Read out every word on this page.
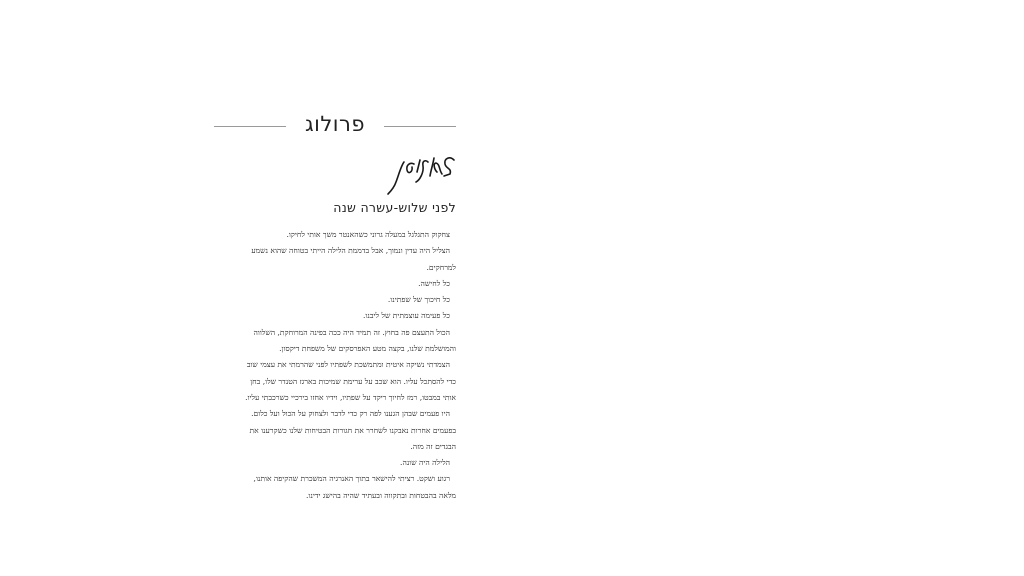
פרולוג
לפני שלוש-עשרה שנה

צחקוק התגלגל במעלה גרוני כשהאנטר משך אותי לחיקו.

הצליל היה עדין ונמוך, אבל בדממת הלילה הייתי בטוחה שהוא נשמע

למרחקים.

כל לחישה.

כל חיכוך של שפתינו.

כל פעימה עוצמתית של ליבנו.

הכול התעצם פה בחוץ. זה תמיד היה ככה בפינה המרוחקת, השלווה

והמושלמת שלנו, בקצה מטע האפרסקים של משפחת דיקסון.

הצמדתי נשיקה איטית ומתמשכת לשפתיו לפני שהרמתי את עצמי שוב

כדי להסתכל עליו. הוא שכב על ערימת שמיכות בארגז הטנדר שלו, בחן

אותי במבטו, רמז לחיוך ריקד על שפתיו, וידיו אחזו בירכיי כשרכבתי עליו.

היו פעמים שבהן הגענו לפה רק כדי לדבר ולצחוק על הכול ועל כלום.

בפעמים אחרות נאבקנו לשחרר את חגורות הבטיחות שלנו כשקרענו את

הבגדים זה מזה.

הלילה היה שונה.

רגוע ושקט. רציתי להישאר בתוך האנרגיה המשכרת שהקיפה אותנו,

מלאה בהבטחות ובתקווה ובעתיד שהיה בהישג ידינו.
